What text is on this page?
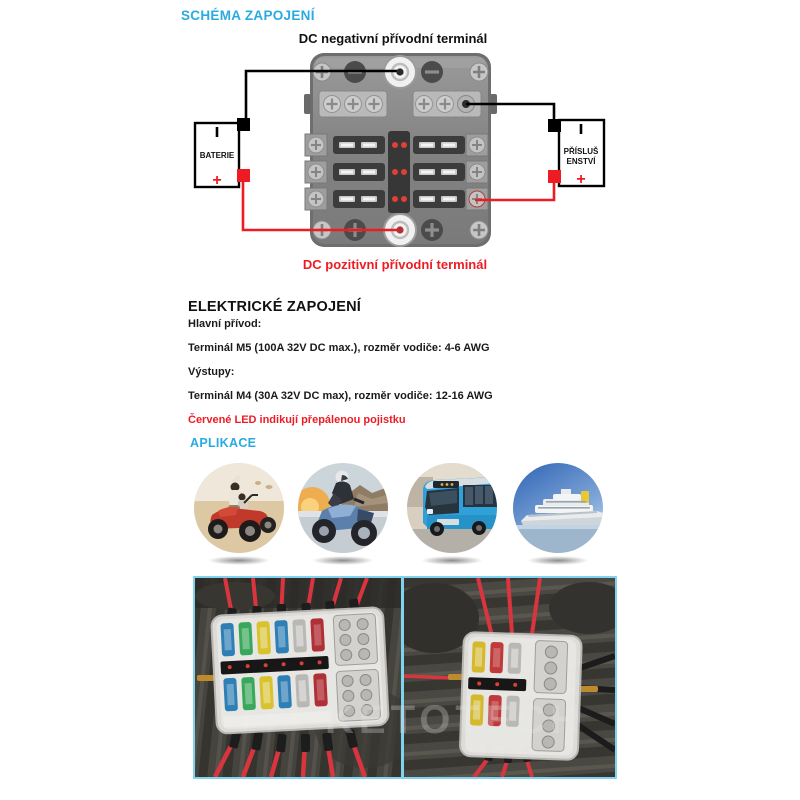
SCHÉMA ZAPOJENÍ
DC negativní přívodní terminál
DC pozitivní přívodní terminál
BATERIE
+
PŘÍSLUŠ
ENSTVÍ
+
ELEKTRICKÉ ZAPOJENÍ
Hlavní přívod:
Terminál M5 (100A 32V DC max.), rozměr vodiče: 4-6 AWG
Výstupy:
Terminál M4 (30A 32V DC max), rozměr vodiče: 12-16 AWG
Červené LED indikují přepálenou pojistku
APLIKACE
KETOTECH
